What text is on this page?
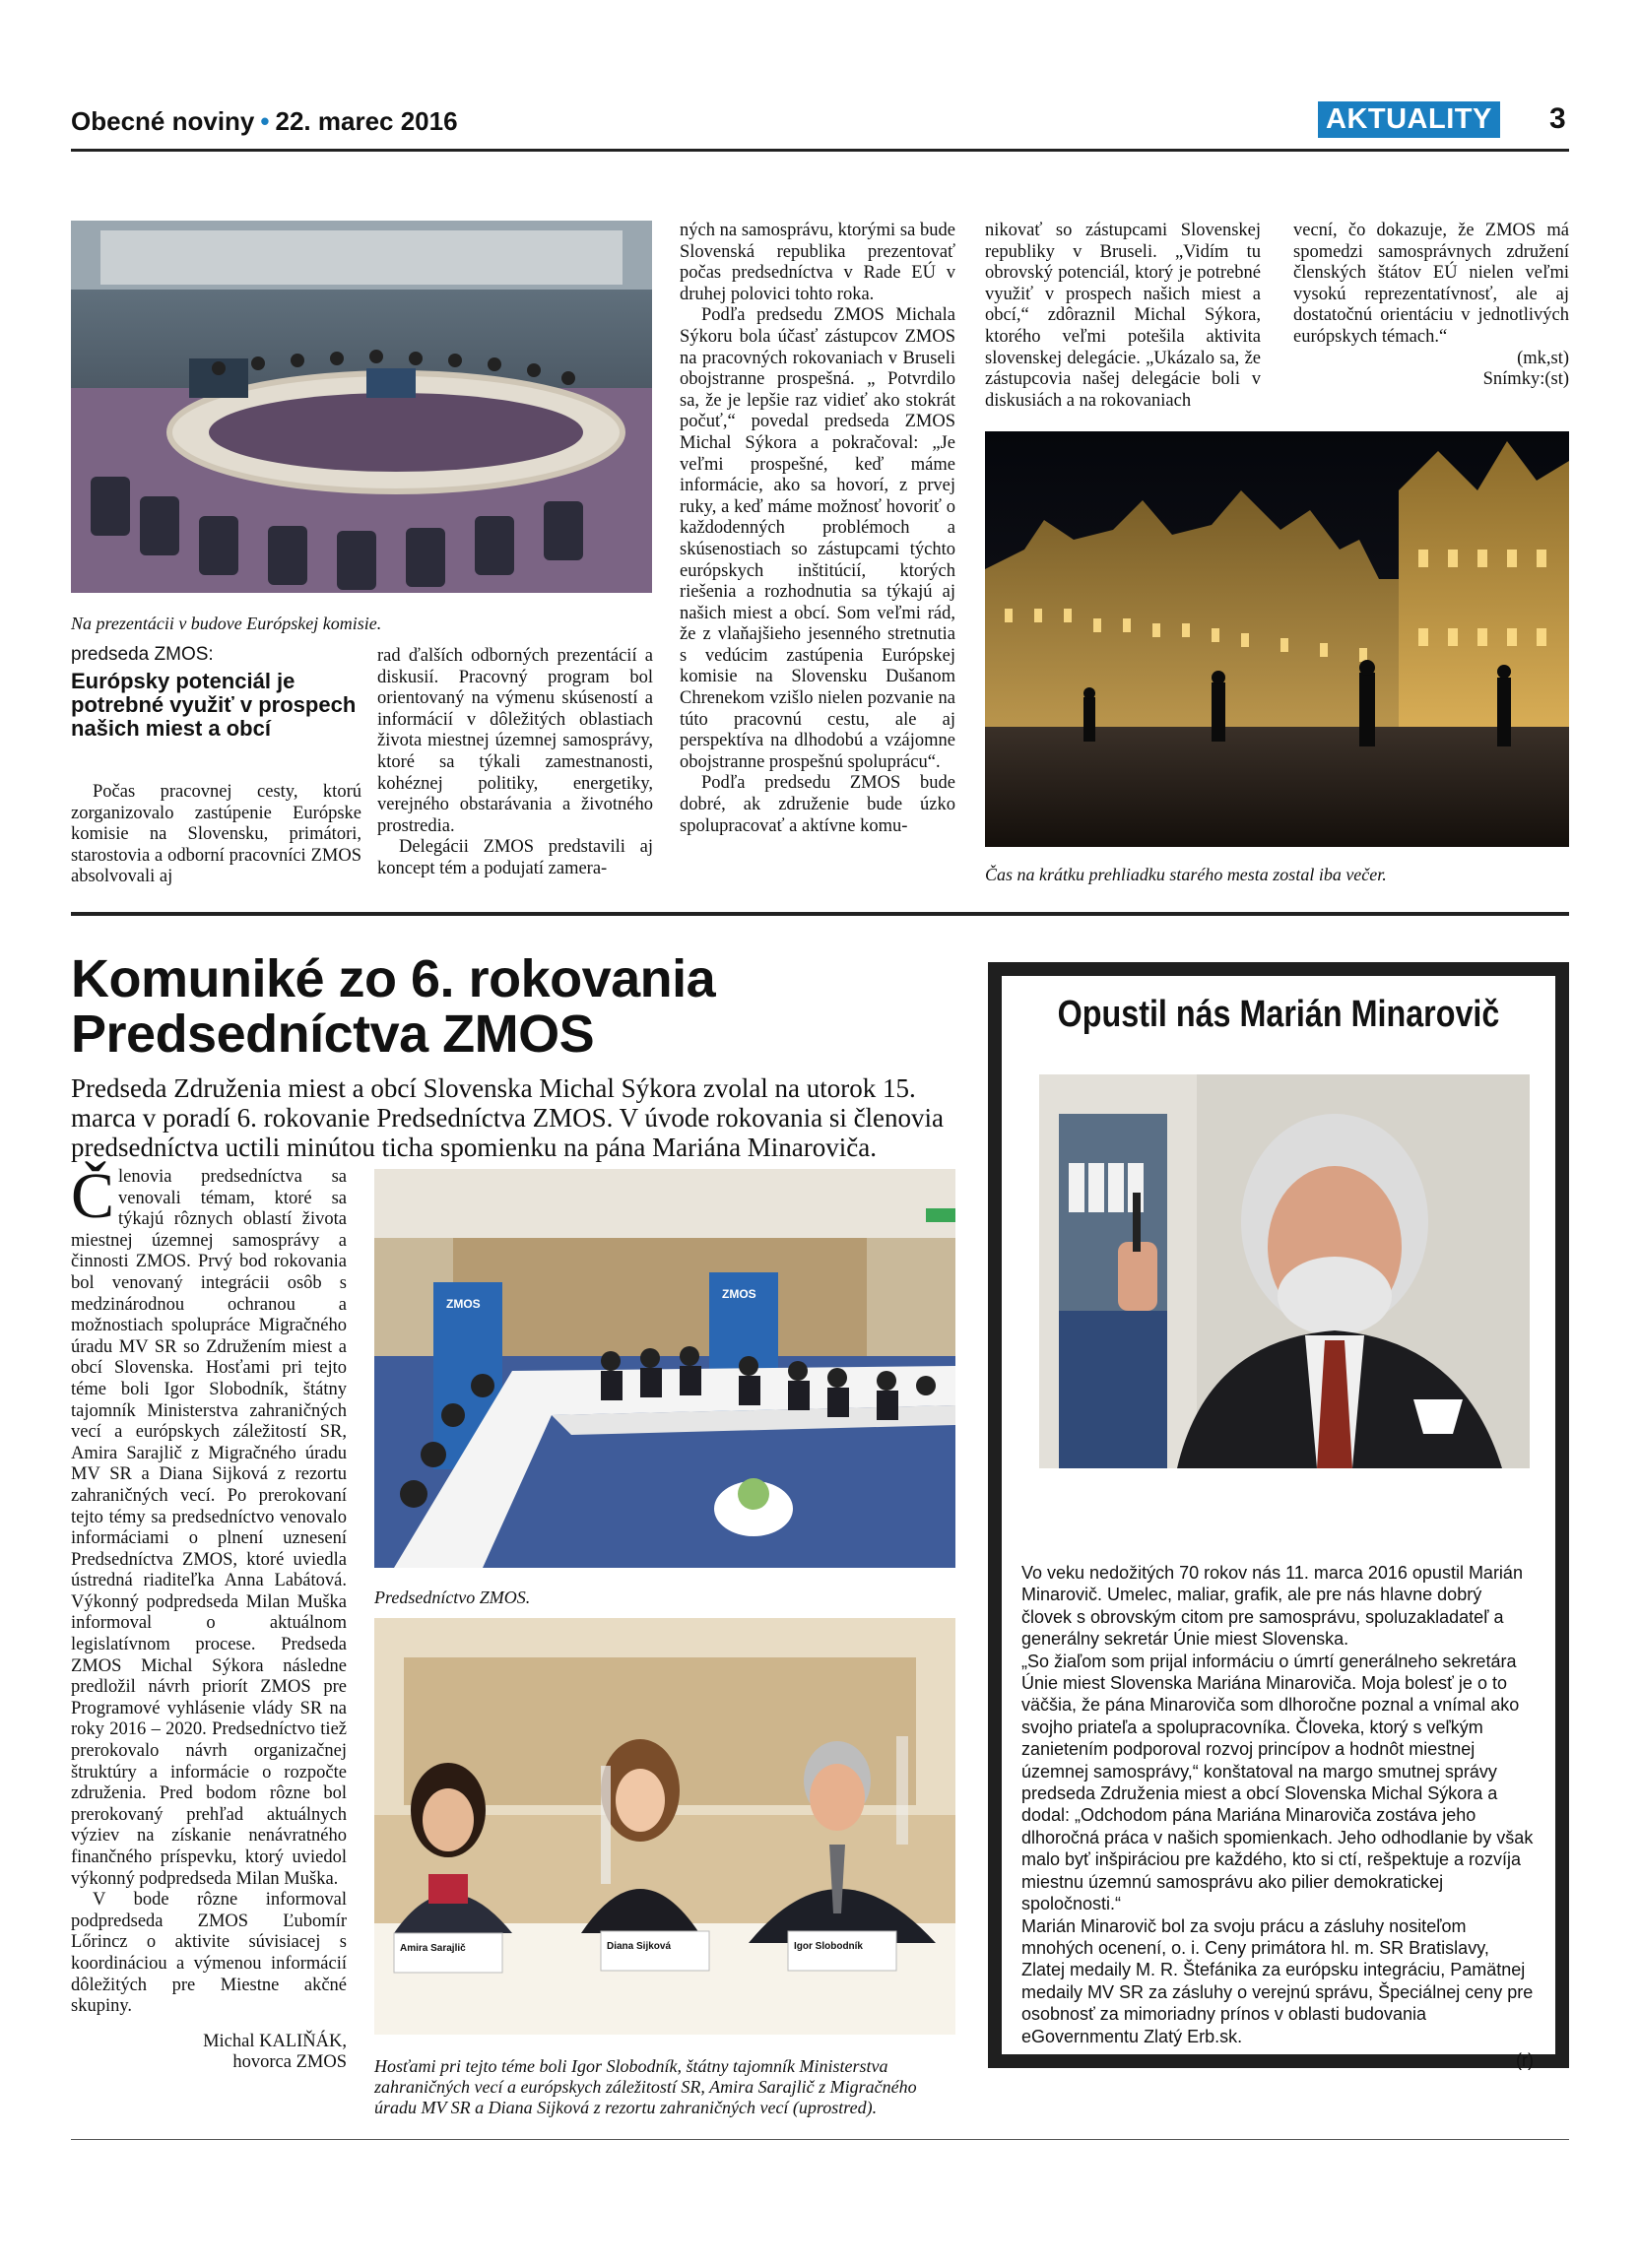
Obecné noviny • 22. marec 2016	AKTUALITY 3
Na prezentácii v budove Európskej komisie.
predseda ZMOS:
Európsky potenciál je potrebné využiť v prospech našich miest a obcí

Počas pracovnej cesty, ktorú zorganizovalo zastúpenie Európske komisie na Slovensku, primátori, starostovia a odborní pracovníci ZMOS absolvovali aj

rad ďalších odborných prezentácií a diskusií. Pracovný program bol orientovaný na výmenu skúseností a informácií v dôležitých oblastiach života miestnej územnej samosprávy, ktoré sa týkali zamestnanosti, kohéznej politiky, energetiky, verejného obstarávania a životného prostredia.

Delegácii ZMOS predstavili aj koncept tém a podujatí zamera-

ných na samosprávu, ktorými sa bude Slovenská republika prezentovať počas predsedníctva v Rade EÚ v druhej polovici tohto roka.

Podľa predsedu ZMOS Michala Sýkoru bola účasť zástupcov ZMOS na pracovných rokovaniach v Bruseli obojstranne prospešná. „ Potvrdilo sa, že je lepšie raz vidieť ako stokrát počuť,“ povedal predseda ZMOS Michal Sýkora a pokračoval: „Je veľmi prospešné, keď máme informácie, ako sa hovorí, z prvej ruky, a keď máme možnosť hovoriť o každodenných problémoch a skúsenostiach so zástupcami týchto európskych inštitúcií, ktorých riešenia a rozhodnutia sa týkajú aj našich miest a obcí. Som veľmi rád, že z vlaňajšieho jesenného stretnutia s vedúcim zastúpenia Európskej komisie na Slovensku Dušanom Chrenekom vzišlo nielen pozvanie na túto pracovnú cestu, ale aj perspektíva na dlhodobú a vzájomne obojstranne prospešnú spoluprácu“.

Podľa predsedu ZMOS bude dobré, ak združenie bude úzko spolupracovať a aktívne komu-

nikovať so zástupcami Slovenskej republiky v Bruseli. „Vidím tu obrovský potenciál, ktorý je potrebné využiť v prospech našich miest a obcí,“ zdôraznil Michal Sýkora, ktorého veľmi potešila aktivita slovenskej delegácie. „Ukázalo sa, že zástupcovia našej delegácie boli v diskusiách a na rokovaniach

vecní, čo dokazuje, že ZMOS má spomedzi samosprávnych združení členských štátov EÚ nielen veľmi vysokú reprezentatívnosť, ale aj dostatočnú orientáciu v jednotlivých európskych témach.“

(mk,st)
Snímky:(st)
Čas na krátku prehliadku starého mesta zostal iba večer.
Komuniké zo 6. rokovania
Predsedníctva ZMOS
Predseda Združenia miest a obcí Slovenska Michal Sýkora zvolal na utorok 15. marca v poradí 6. rokovanie Predsedníctva ZMOS. V úvode rokovania si členovia predsedníctva uctili minútou ticha spomienku na pána Mariána Minaroviča.

Členovia predsedníctva sa venovali témam, ktoré sa týkajú rôznych oblastí života miestnej územnej samosprávy a činnosti ZMOS. Prvý bod rokovania bol venovaný integrácii osôb s medzinárodnou ochranou a možnostiach spolupráce Migračného úradu MV SR so Združením miest a obcí Slovenska. Hosťami pri tejto téme boli Igor Slobodník, štátny tajomník Ministerstva zahraničných vecí a európskych záležitostí SR, Amira Sarajlič z Migračného úradu MV SR a Diana Sijková z rezortu zahraničných vecí. Po prerokovaní tejto témy sa predsedníctvo venovalo informáciami o plnení uznesení Predsedníctva ZMOS, ktoré uviedla ústredná riaditeľka Anna Labátová. Výkonný podpredseda Milan Muška informoval o aktuálnom legislatívnom procese. Predseda ZMOS Michal Sýkora následne predložil návrh priorít ZMOS pre Programové vyhlásenie vlády SR na roky 2016 – 2020. Predsedníctvo tiež prerokovalo návrh organizačnej štruktúry a informácie o rozpočte združenia. Pred bodom rôzne bol prerokovaný prehľad aktuálnych výziev na získanie nenávratného finančného príspevku, ktorý uviedol výkonný podpredseda Milan Muška.

V bode rôzne informoval podpredseda ZMOS Ľubomír Lőrincz o aktivite súvisiacej s koordináciou a výmenou informácií dôležitých pre Miestne akčné skupiny.

Michal KALIŇÁK,
hovorca ZMOS
ZMOS
ZMOS
Predsedníctvo ZMOS.
Amira Sarajlič	Diana Sijková	Igor Slobodník
Hosťami pri tejto téme boli Igor Slobodník, štátny tajomník Ministerstva zahraničných vecí a európskych záležitostí SR, Amira Sarajlič z Migračného úradu MV SR a Diana Sijková z rezortu zahraničných vecí (uprostred).
Opustil nás Marián Minarovič

Vo veku nedožitých 70 rokov nás 11. marca 2016 opustil Marián Minarovič. Umelec, maliar, grafik, ale pre nás hlavne dobrý človek s obrovským citom pre samosprávu, spoluzakladateľ a generálny sekretár Únie miest Slovenska.

„So žiaľom som prijal informáciu o úmrtí generálneho sekretára Únie miest Slovenska Mariána Minaroviča. Moja bolesť je o to väčšia, že pána Minaroviča som dlhoročne poznal a vnímal ako svojho priateľa a spolupracovníka. Človeka, ktorý s veľkým zanietením podporoval rozvoj princípov a hodnôt miestnej územnej samosprávy,“ konštatoval na margo smutnej správy predseda Združenia miest a obcí Slovenska Michal Sýkora a dodal: „Odchodom pána Mariána Minaroviča zostáva jeho dlhoročná práca v našich spomienkach. Jeho odhodlanie by však malo byť inšpiráciou pre každého, kto si ctí, rešpektuje a rozvíja miestnu územnú samosprávu ako pilier demokratickej spoločnosti.“

Marián Minarovič bol za svoju prácu a zásluhy nositeľom mnohých ocenení, o. i. Ceny primátora hl. m. SR Bratislavy, Zlatej medaily M. R. Štefánika za európsku integráciu, Pamätnej medaily MV SR za zásluhy o verejnú správu, Špeciálnej ceny pre osobnosť za mimoriadny prínos v oblasti budovania eGovernmentu Zlatý Erb.sk.

(r)
